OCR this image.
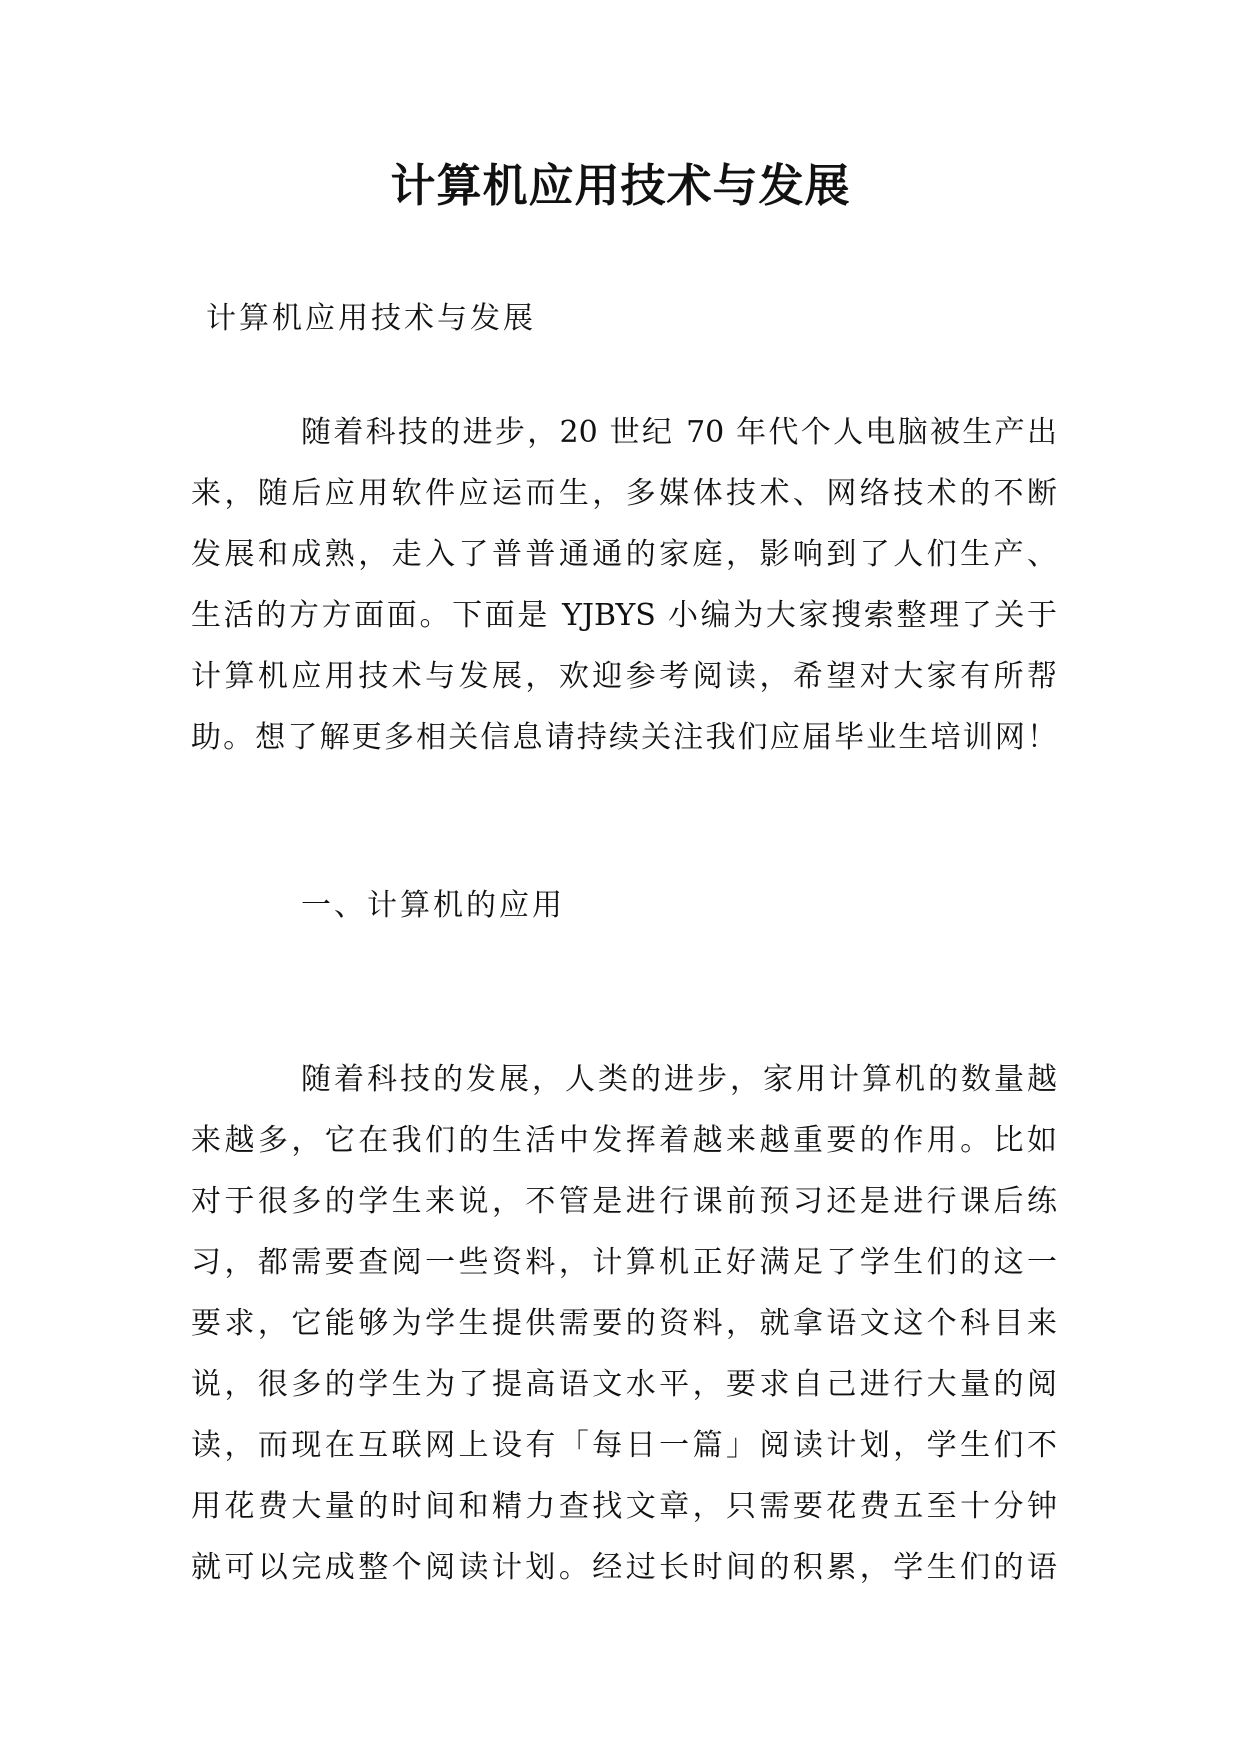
计算机应用技术与发展
计算机应用技术与发展
随着科技的进步，20 世纪 70 年代个人电脑被生产出
来，随后应用软件应运而生，多媒体技术、网络技术的不断
发展和成熟，走入了普普通通的家庭，影响到了人们生产、
生活的方方面面。下面是 YJBYS 小编为大家搜索整理了关于
计算机应用技术与发展，欢迎参考阅读，希望对大家有所帮
助。想了解更多相关信息请持续关注我们应届毕业生培训网！
一、计算机的应用
随着科技的发展，人类的进步，家用计算机的数量越
来越多，它在我们的生活中发挥着越来越重要的作用。比如
对于很多的学生来说，不管是进行课前预习还是进行课后练
习，都需要查阅一些资料，计算机正好满足了学生们的这一
要求，它能够为学生提供需要的资料，就拿语文这个科目来
说，很多的学生为了提高语文水平，要求自己进行大量的阅
读，而现在互联网上设有「每日一篇」阅读计划，学生们不
用花费大量的时间和精力查找文章，只需要花费五至十分钟
就可以完成整个阅读计划。经过长时间的积累，学生们的语
